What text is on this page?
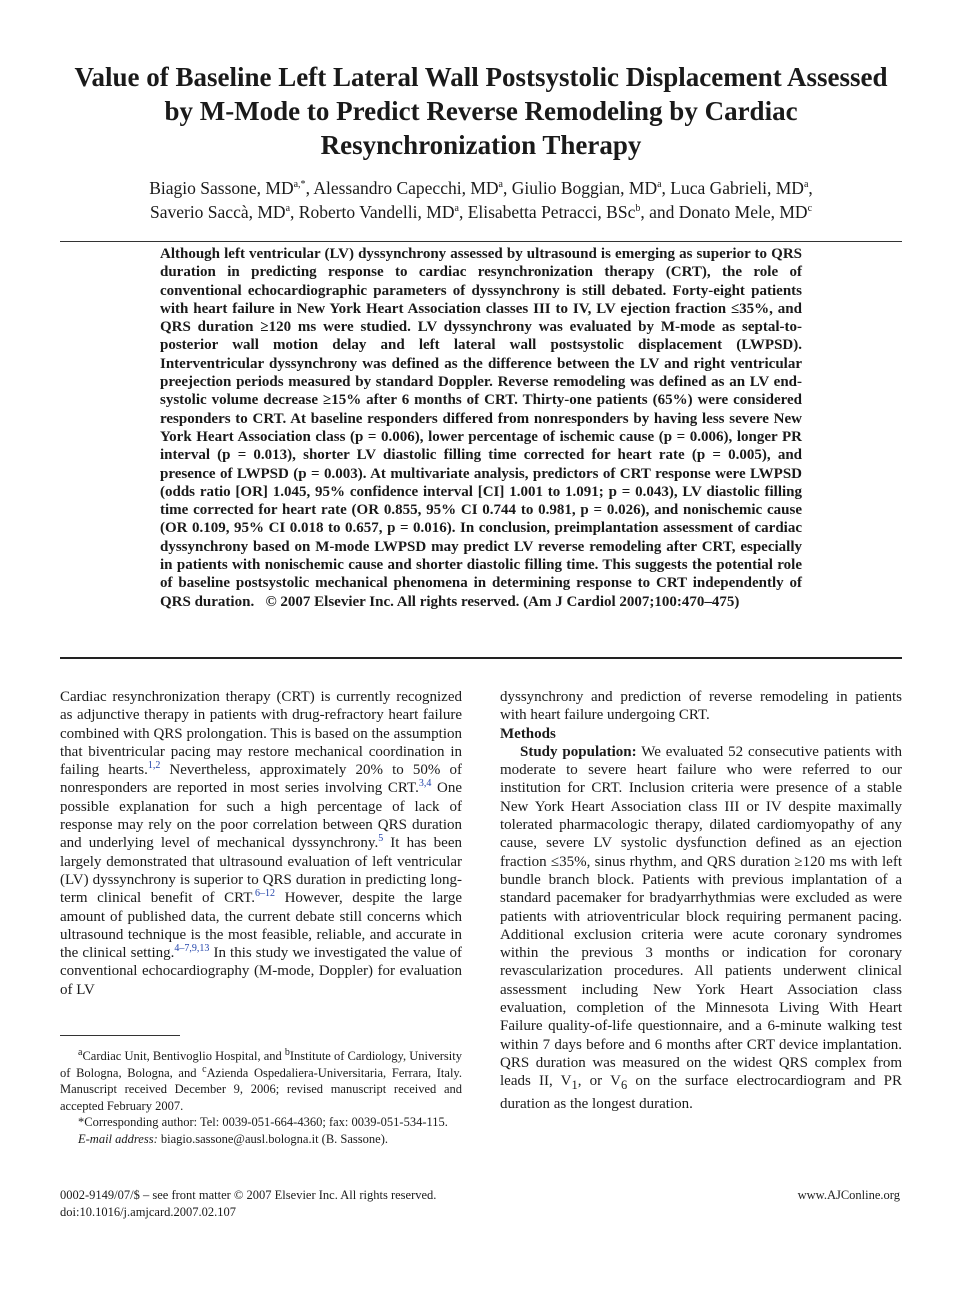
Value of Baseline Left Lateral Wall Postsystolic Displacement Assessed by M-Mode to Predict Reverse Remodeling by Cardiac Resynchronization Therapy
Biagio Sassone, $MD^{a,*}$, Alessandro Capecchi, $MD^a$, Giulio Boggian, $MD^a$, Luca Gabrieli, $MD^a$,
Saverio Saccà, $MD^a$, Roberto Vandelli, $MD^a$, Elisabetta Petracci, BSc$^b$, and Donato Mele, $MD^c$

Although left ventricular (LV) dyssynchrony assessed by ultrasound is emerging as superior to QRS duration in predicting response to cardiac resynchronization therapy (CRT), the role of conventional echocardiographic parameters of dyssynchrony is still debated. Forty-eight patients with heart failure in New York Heart Association classes III to IV, LV ejection fraction ≤35%, and QRS duration ≥120 ms were studied. LV dyssynchrony was evaluated by M-mode as septal-to-posterior wall motion delay and left lateral wall postsystolic displacement (LWPSD). Interventricular dyssynchrony was defined as the difference between the LV and right ventricular preejection periods measured by standard Doppler. Reverse remodeling was defined as an LV end-systolic volume decrease ≥15% after 6 months of CRT. Thirty-one patients (65%) were considered responders to CRT. At baseline responders differed from nonresponders by having less severe New York Heart Association class (p = 0.006), lower percentage of ischemic cause (p = 0.006), longer PR interval (p = 0.013), shorter LV diastolic filling time corrected for heart rate (p = 0.005), and presence of LWPSD (p = 0.003). At multivariate analysis, predictors of CRT response were LWPSD (odds ratio [OR] 1.045, 95% confidence interval [CI] 1.001 to 1.091; p = 0.043), LV diastolic filling time corrected for heart rate (OR 0.855, 95% CI 0.744 to 0.981, p = 0.026), and nonischemic cause (OR 0.109, 95% CI 0.018 to 0.657, p = 0.016). In conclusion, preimplantation assessment of cardiac dyssynchrony based on M-mode LWPSD may predict LV reverse remodeling after CRT, especially in patients with nonischemic cause and shorter diastolic filling time. This suggests the potential role of baseline postsystolic mechanical phenomena in determining response to CRT independently of QRS duration. © 2007 Elsevier Inc. All rights reserved. (Am J Cardiol 2007;100:470–475)

Cardiac resynchronization therapy (CRT) is currently recognized as adjunctive therapy in patients with drug-refractory heart failure combined with QRS prolongation. This is based on the assumption that biventricular pacing may restore mechanical coordination in failing hearts.$^{1,2}$ Nevertheless, approximately 20% to 50% of nonresponders are reported in most series involving CRT.$^{3,4}$ One possible explanation for such a high percentage of lack of response may rely on the poor correlation between QRS duration and underlying level of mechanical dyssynchrony.$^5$ It has been largely demonstrated that ultrasound evaluation of left ventricular (LV) dyssynchrony is superior to QRS duration in predicting long-term clinical benefit of CRT.$^{6-12}$ However, despite the large amount of published data, the current debate still concerns which ultrasound technique is the most feasible, reliable, and accurate in the clinical setting.$^{4-7,9,13}$ In this study we investigated the value of conventional echocardiography (M-mode, Doppler) for evaluation of LV

$^a$Cardiac Unit, Bentivoglio Hospital, and $^b$Institute of Cardiology, University of Bologna, Bologna, and $^c$Azienda Ospedaliera-Universitaria, Ferrara, Italy. Manuscript received December 9, 2006; revised manuscript received and accepted February 2007.

*Corresponding author: Tel: 0039-051-664-4360; fax: 0039-051-534-115.

E-mail address: biagio.sassone@ausl.bologna.it (B. Sassone).

dyssynchrony and prediction of reverse remodeling in patients with heart failure undergoing CRT.

Methods

Study population: We evaluated 52 consecutive patients with moderate to severe heart failure who were referred to our institution for CRT. Inclusion criteria were presence of a stable New York Heart Association class III or IV despite maximally tolerated pharmacologic therapy, dilated cardiomyopathy of any cause, severe LV systolic dysfunction defined as an ejection fraction ≤35%, sinus rhythm, and QRS duration ≥120 ms with left bundle branch block. Patients with previous implantation of a standard pacemaker for bradyarrhythmias were excluded as were patients with atrioventricular block requiring permanent pacing. Additional exclusion criteria were acute coronary syndromes within the previous 3 months or indication for coronary revascularization procedures. All patients underwent clinical assessment including New York Heart Association class evaluation, completion of the Minnesota Living With Heart Failure quality-of-life questionnaire, and a 6-minute walking test within 7 days before and 6 months after CRT device implantation. QRS duration was measured on the widest QRS complex from leads II, $V_1$, or $V_6$ on the surface electrocardiogram and PR duration as the longest duration.

0002-9149/07/$ – see front matter © 2007 Elsevier Inc. All rights reserved.
doi:10.1016/j.amjcard.2007.02.107
www.AJConline.org
